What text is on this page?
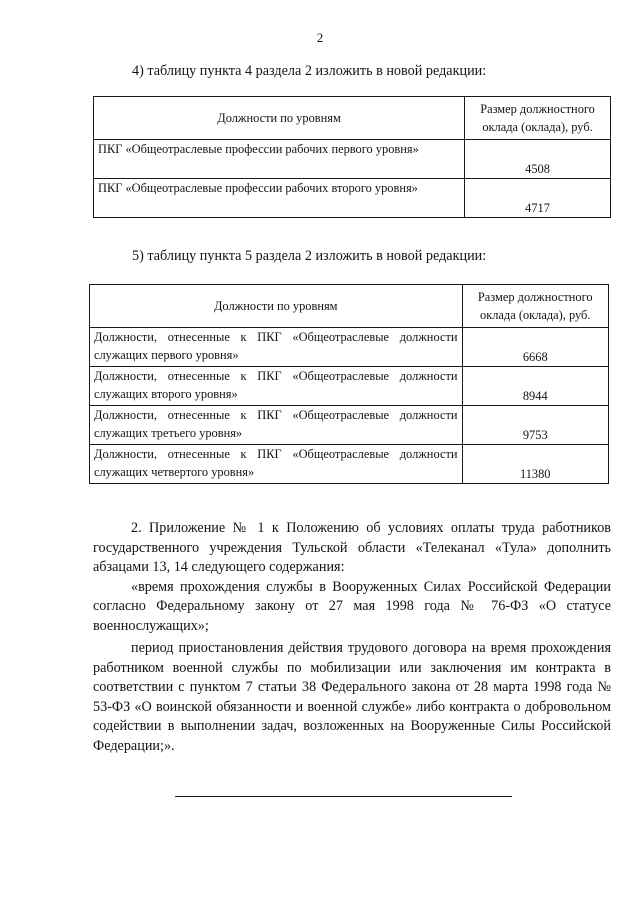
2
4) таблицу пункта 4 раздела 2 изложить в новой редакции:
Должности по уровням	Размер должностного оклада (оклада), руб.
ПКГ «Общеотраслевые профессии рабочих первого уровня»	4508
ПКГ «Общеотраслевые профессии рабочих второго уровня»	4717
5) таблицу пункта 5 раздела 2 изложить в новой редакции:
Должности по уровням	Размер должностного оклада (оклада), руб.
Должности, отнесенные к ПКГ «Общеотраслевые должности служащих первого уровня»	6668
Должности, отнесенные к ПКГ «Общеотраслевые должности служащих второго уровня»	8944
Должности, отнесенные к ПКГ «Общеотраслевые должности служащих третьего уровня»	9753
Должности, отнесенные к ПКГ «Общеотраслевые должности служащих четвертого уровня»	11380

2. Приложение № 1 к Положению об условиях оплаты труда работников государственного учреждения Тульской области «Телеканал «Тула» дополнить абзацами 13, 14 следующего содержания:

«время прохождения службы в Вооруженных Силах Российской Федерации согласно Федеральному закону от 27 мая 1998 года № 76-ФЗ «О статусе военнослужащих»;

период приостановления действия трудового договора на время прохождения работником военной службы по мобилизации или заключения им контракта в соответствии с пунктом 7 статьи 38 Федерального закона от 28 марта 1998 года № 53-ФЗ «О воинской обязанности и военной службе» либо контракта о добровольном содействии в выполнении задач, возложенных на Вооруженные Силы Российской Федерации;».
